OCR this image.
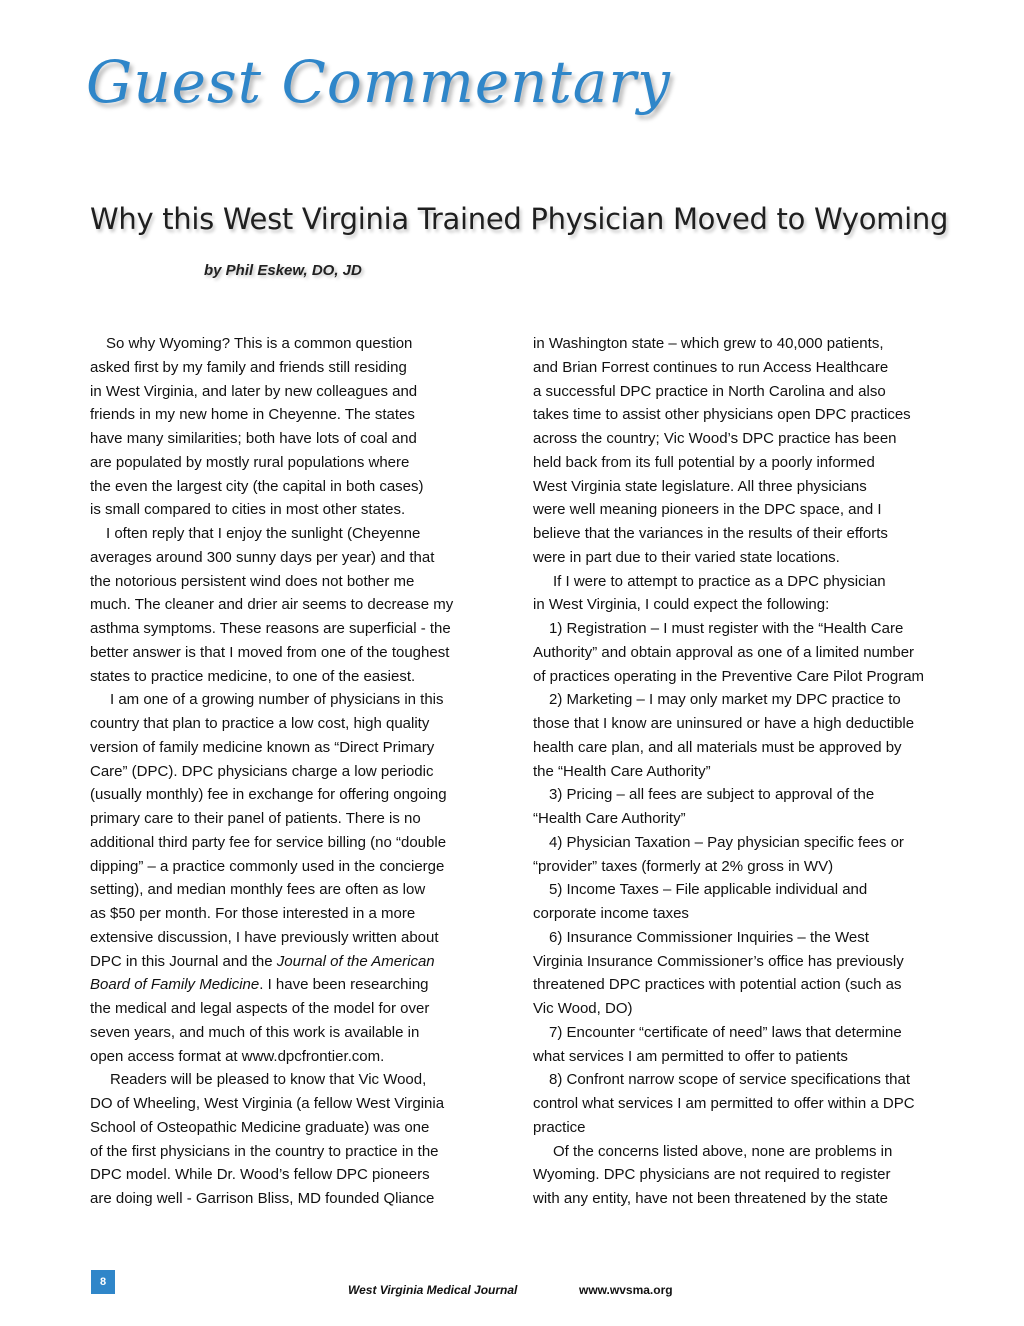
Guest Commentary
Why this West Virginia Trained Physician Moved to Wyoming
by Phil Eskew, DO, JD
So why Wyoming? This is a common question
asked first by my family and friends still residing
in West Virginia, and later by new colleagues and
friends in my new home in Cheyenne. The states
have many similarities; both have lots of coal and
are populated by mostly rural populations where
the even the largest city (the capital in both cases)
is small compared to cities in most other states.
I often reply that I enjoy the sunlight (Cheyenne
averages around 300 sunny days per year) and that
the notorious persistent wind does not bother me
much. The cleaner and drier air seems to decrease my
asthma symptoms. These reasons are superficial - the
better answer is that I moved from one of the toughest
states to practice medicine, to one of the easiest.
I am one of a growing number of physicians in this
country that plan to practice a low cost, high quality
version of family medicine known as “Direct Primary
Care” (DPC). DPC physicians charge a low periodic
(usually monthly) fee in exchange for offering ongoing
primary care to their panel of patients. There is no
additional third party fee for service billing (no “double
dipping” – a practice commonly used in the concierge
setting), and median monthly fees are often as low
as $50 per month. For those interested in a more
extensive discussion, I have previously written about
DPC in this Journal and the Journal of the American
Board of Family Medicine. I have been researching
the medical and legal aspects of the model for over
seven years, and much of this work is available in
open access format at www.dpcfrontier.com.
Readers will be pleased to know that Vic Wood,
DO of Wheeling, West Virginia (a fellow West Virginia
School of Osteopathic Medicine graduate) was one
of the first physicians in the country to practice in the
DPC model. While Dr. Wood’s fellow DPC pioneers
are doing well - Garrison Bliss, MD founded Qliance
in Washington state – which grew to 40,000 patients,
and Brian Forrest continues to run Access Healthcare
a successful DPC practice in North Carolina and also
takes time to assist other physicians open DPC practices
across the country; Vic Wood’s DPC practice has been
held back from its full potential by a poorly informed
West Virginia state legislature. All three physicians
were well meaning pioneers in the DPC space, and I
believe that the variances in the results of their efforts
were in part due to their varied state locations.
If I were to attempt to practice as a DPC physician
in West Virginia, I could expect the following:
1) Registration – I must register with the “Health Care
Authority” and obtain approval as one of a limited number
of practices operating in the Preventive Care Pilot Program
2) Marketing – I may only market my DPC practice to
those that I know are uninsured or have a high deductible
health care plan, and all materials must be approved by
the “Health Care Authority”
3) Pricing – all fees are subject to approval of the
“Health Care Authority”
4) Physician Taxation – Pay physician specific fees or
“provider” taxes (formerly at 2% gross in WV)
5) Income Taxes – File applicable individual and
corporate income taxes
6) Insurance Commissioner Inquiries – the West
Virginia Insurance Commissioner’s office has previously
threatened DPC practices with potential action (such as
Vic Wood, DO)
7) Encounter “certificate of need” laws that determine
what services I am permitted to offer to patients
8) Confront narrow scope of service specifications that
control what services I am permitted to offer within a DPC
practice
Of the concerns listed above, none are problems in
Wyoming. DPC physicians are not required to register
with any entity, have not been threatened by the state
8
West Virginia Medical Journal	www.wvsma.org
